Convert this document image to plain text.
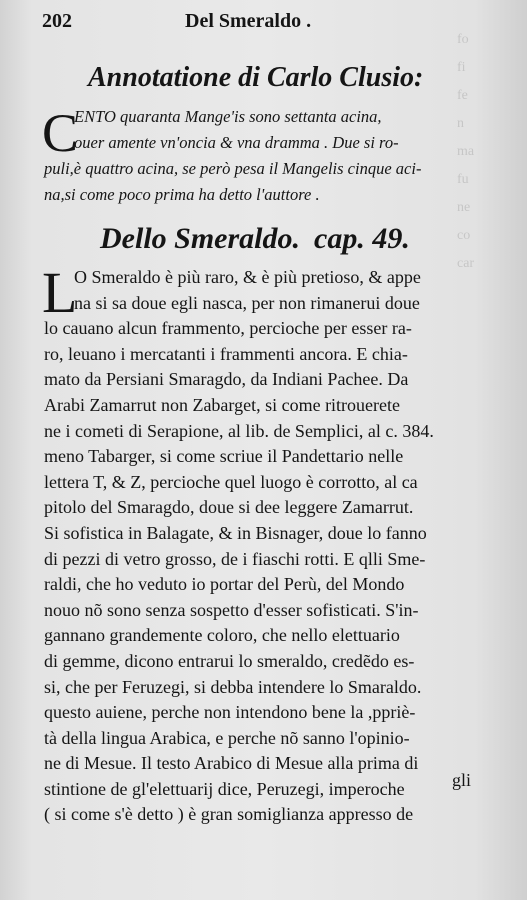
fo
fi
fe
n
ma
fu
ne
co
car
202	Del Smeraldo .
Annotatione di Carlo Clusio:
C
ENTO quaranta Mange'is sono settanta acina,
ouer amente vn'oncia & vna dramma . Due si ro-
puli,è quattro acina, se però pesa il Mangelis cinque aci-
na,si come poco prima ha detto l'auttore .
Dello Smeraldo. cap. 49.
L
O Smeraldo è più raro, & è più pretioso, & appe
na si sa doue egli nasca, per non rimanerui doue
lo cauano alcun frammento, percioche per esser ra-
ro, leuano i mercatanti i frammenti ancora. E chia-
mato da Persiani Smaragdo, da Indiani Pachee. Da
Arabi Zamarrut non Zabarget, si come ritrouerete
ne i cometi di Serapione, al lib. de Semplici, al c. 384.
meno Tabarger, si come scriue il Pandettario nelle
lettera T, & Z, percioche quel luogo è corrotto, al ca
pitolo del Smaragdo, doue si dee leggere Zamarrut.
Si sofistica in Balagate, & in Bisnager, doue lo fanno
di pezzi di vetro grosso, de i fiaschi rotti. E qlli Sme-
raldi, che ho veduto io portar del Perù, del Mondo
nouo nõ sono senza sospetto d'esser sofisticati. S'in-
gannano grandemente coloro, che nello elettuario
di gemme, dicono entrarui lo smeraldo, credẽdo es-
si, che per Feruzegi, si debba intendere lo Smaraldo.
questo auiene, perche non intendono bene la ,ppriè-
tà della lingua Arabica, e perche nõ sanno l'opinio-
ne di Mesue. Il testo Arabico di Mesue alla prima di
stintione de gl'elettuarij dice, Peruzegi, imperoche
( si come s'è detto ) è gran somiglianza appresso de
gli
